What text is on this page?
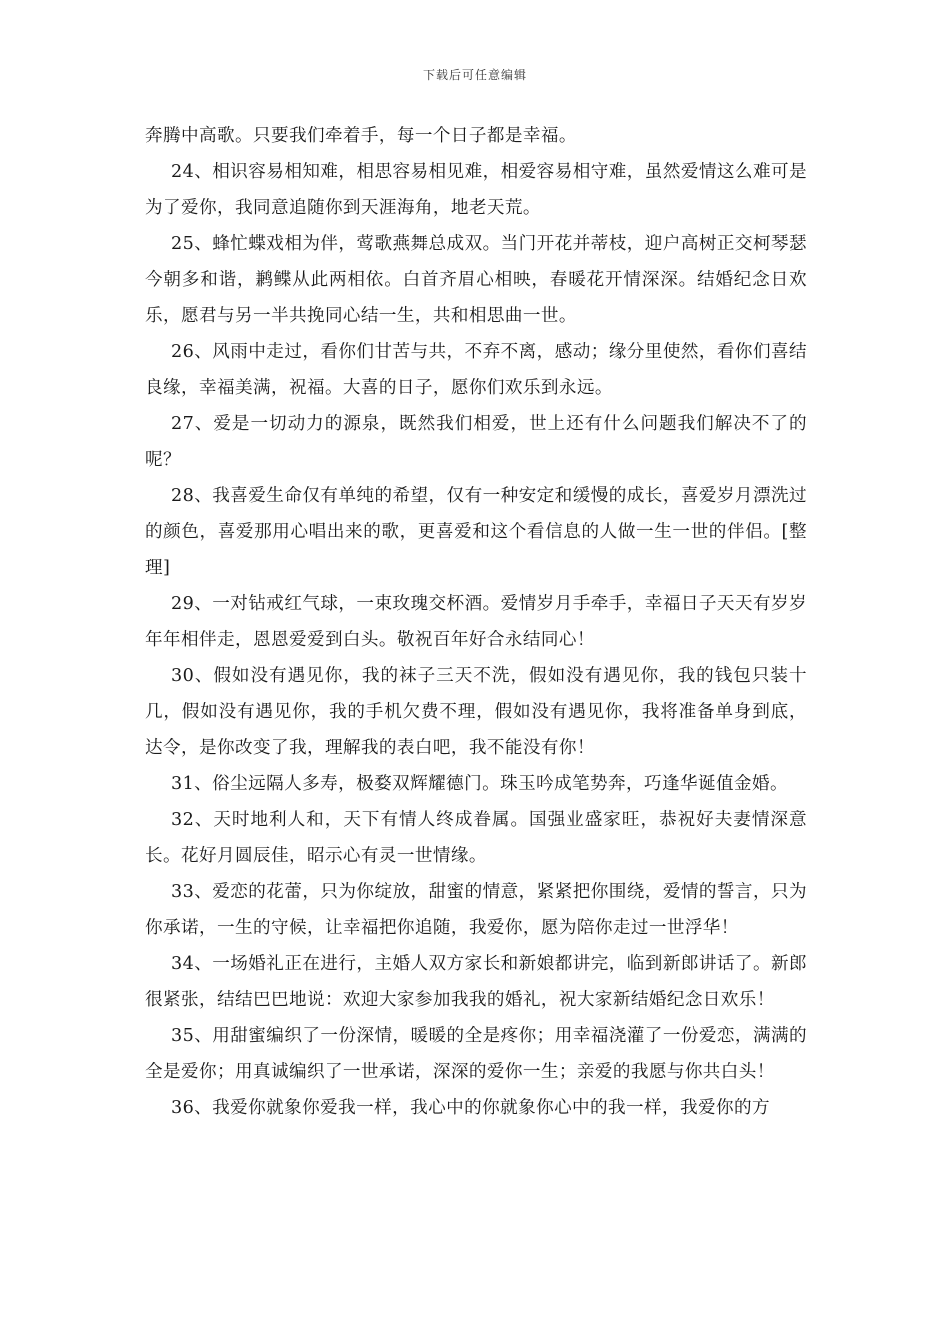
下载后可任意编辑

奔腾中高歌。只要我们牵着手，每一个日子都是幸福。

24、相识容易相知难，相思容易相见难，相爱容易相守难，虽然爱情这么难可是为了爱你，我同意追随你到天涯海角，地老天荒。

25、蜂忙蝶戏相为伴，莺歌燕舞总成双。当门开花并蒂枝，迎户高树正交柯琴瑟今朝多和谐，鹣鲽从此两相依。白首齐眉心相映，春暖花开情深深。结婚纪念日欢乐，愿君与另一半共挽同心结一生，共和相思曲一世。

26、风雨中走过，看你们甘苦与共，不弃不离，感动；缘分里使然，看你们喜结良缘，幸福美满，祝福。大喜的日子，愿你们欢乐到永远。

27、爱是一切动力的源泉，既然我们相爱，世上还有什么问题我们解决不了的呢？

28、我喜爱生命仅有单纯的希望，仅有一种安定和缓慢的成长，喜爱岁月漂洗过的颜色，喜爱那用心唱出来的歌，更喜爱和这个看信息的人做一生一世的伴侣。[整理]

29、一对钻戒红气球，一束玫瑰交杯酒。爱情岁月手牵手，幸福日子天天有岁岁年年相伴走，恩恩爱爱到白头。敬祝百年好合永结同心！

30、假如没有遇见你，我的袜子三天不洗，假如没有遇见你，我的钱包只装十几，假如没有遇见你，我的手机欠费不理，假如没有遇见你，我将准备单身到底，达令，是你改变了我，理解我的表白吧，我不能没有你！

31、俗尘远隔人多寿，极婺双辉耀德门。珠玉吟成笔势奔，巧逢华诞值金婚。

32、天时地利人和，天下有情人终成眷属。国强业盛家旺，恭祝好夫妻情深意长。花好月圆辰佳，昭示心有灵一世情缘。

33、爱恋的花蕾，只为你绽放，甜蜜的情意，紧紧把你围绕，爱情的誓言，只为你承诺，一生的守候，让幸福把你追随，我爱你，愿为陪你走过一世浮华！

34、一场婚礼正在进行，主婚人双方家长和新娘都讲完，临到新郎讲话了。新郎很紧张，结结巴巴地说：欢迎大家参加我我的婚礼，祝大家新结婚纪念日欢乐！

35、用甜蜜编织了一份深情，暖暖的全是疼你；用幸福浇灌了一份爱恋，满满的全是爱你；用真诚编织了一世承诺，深深的爱你一生；亲爱的我愿与你共白头！

36、我爱你就象你爱我一样，我心中的你就象你心中的我一样，我爱你的方
